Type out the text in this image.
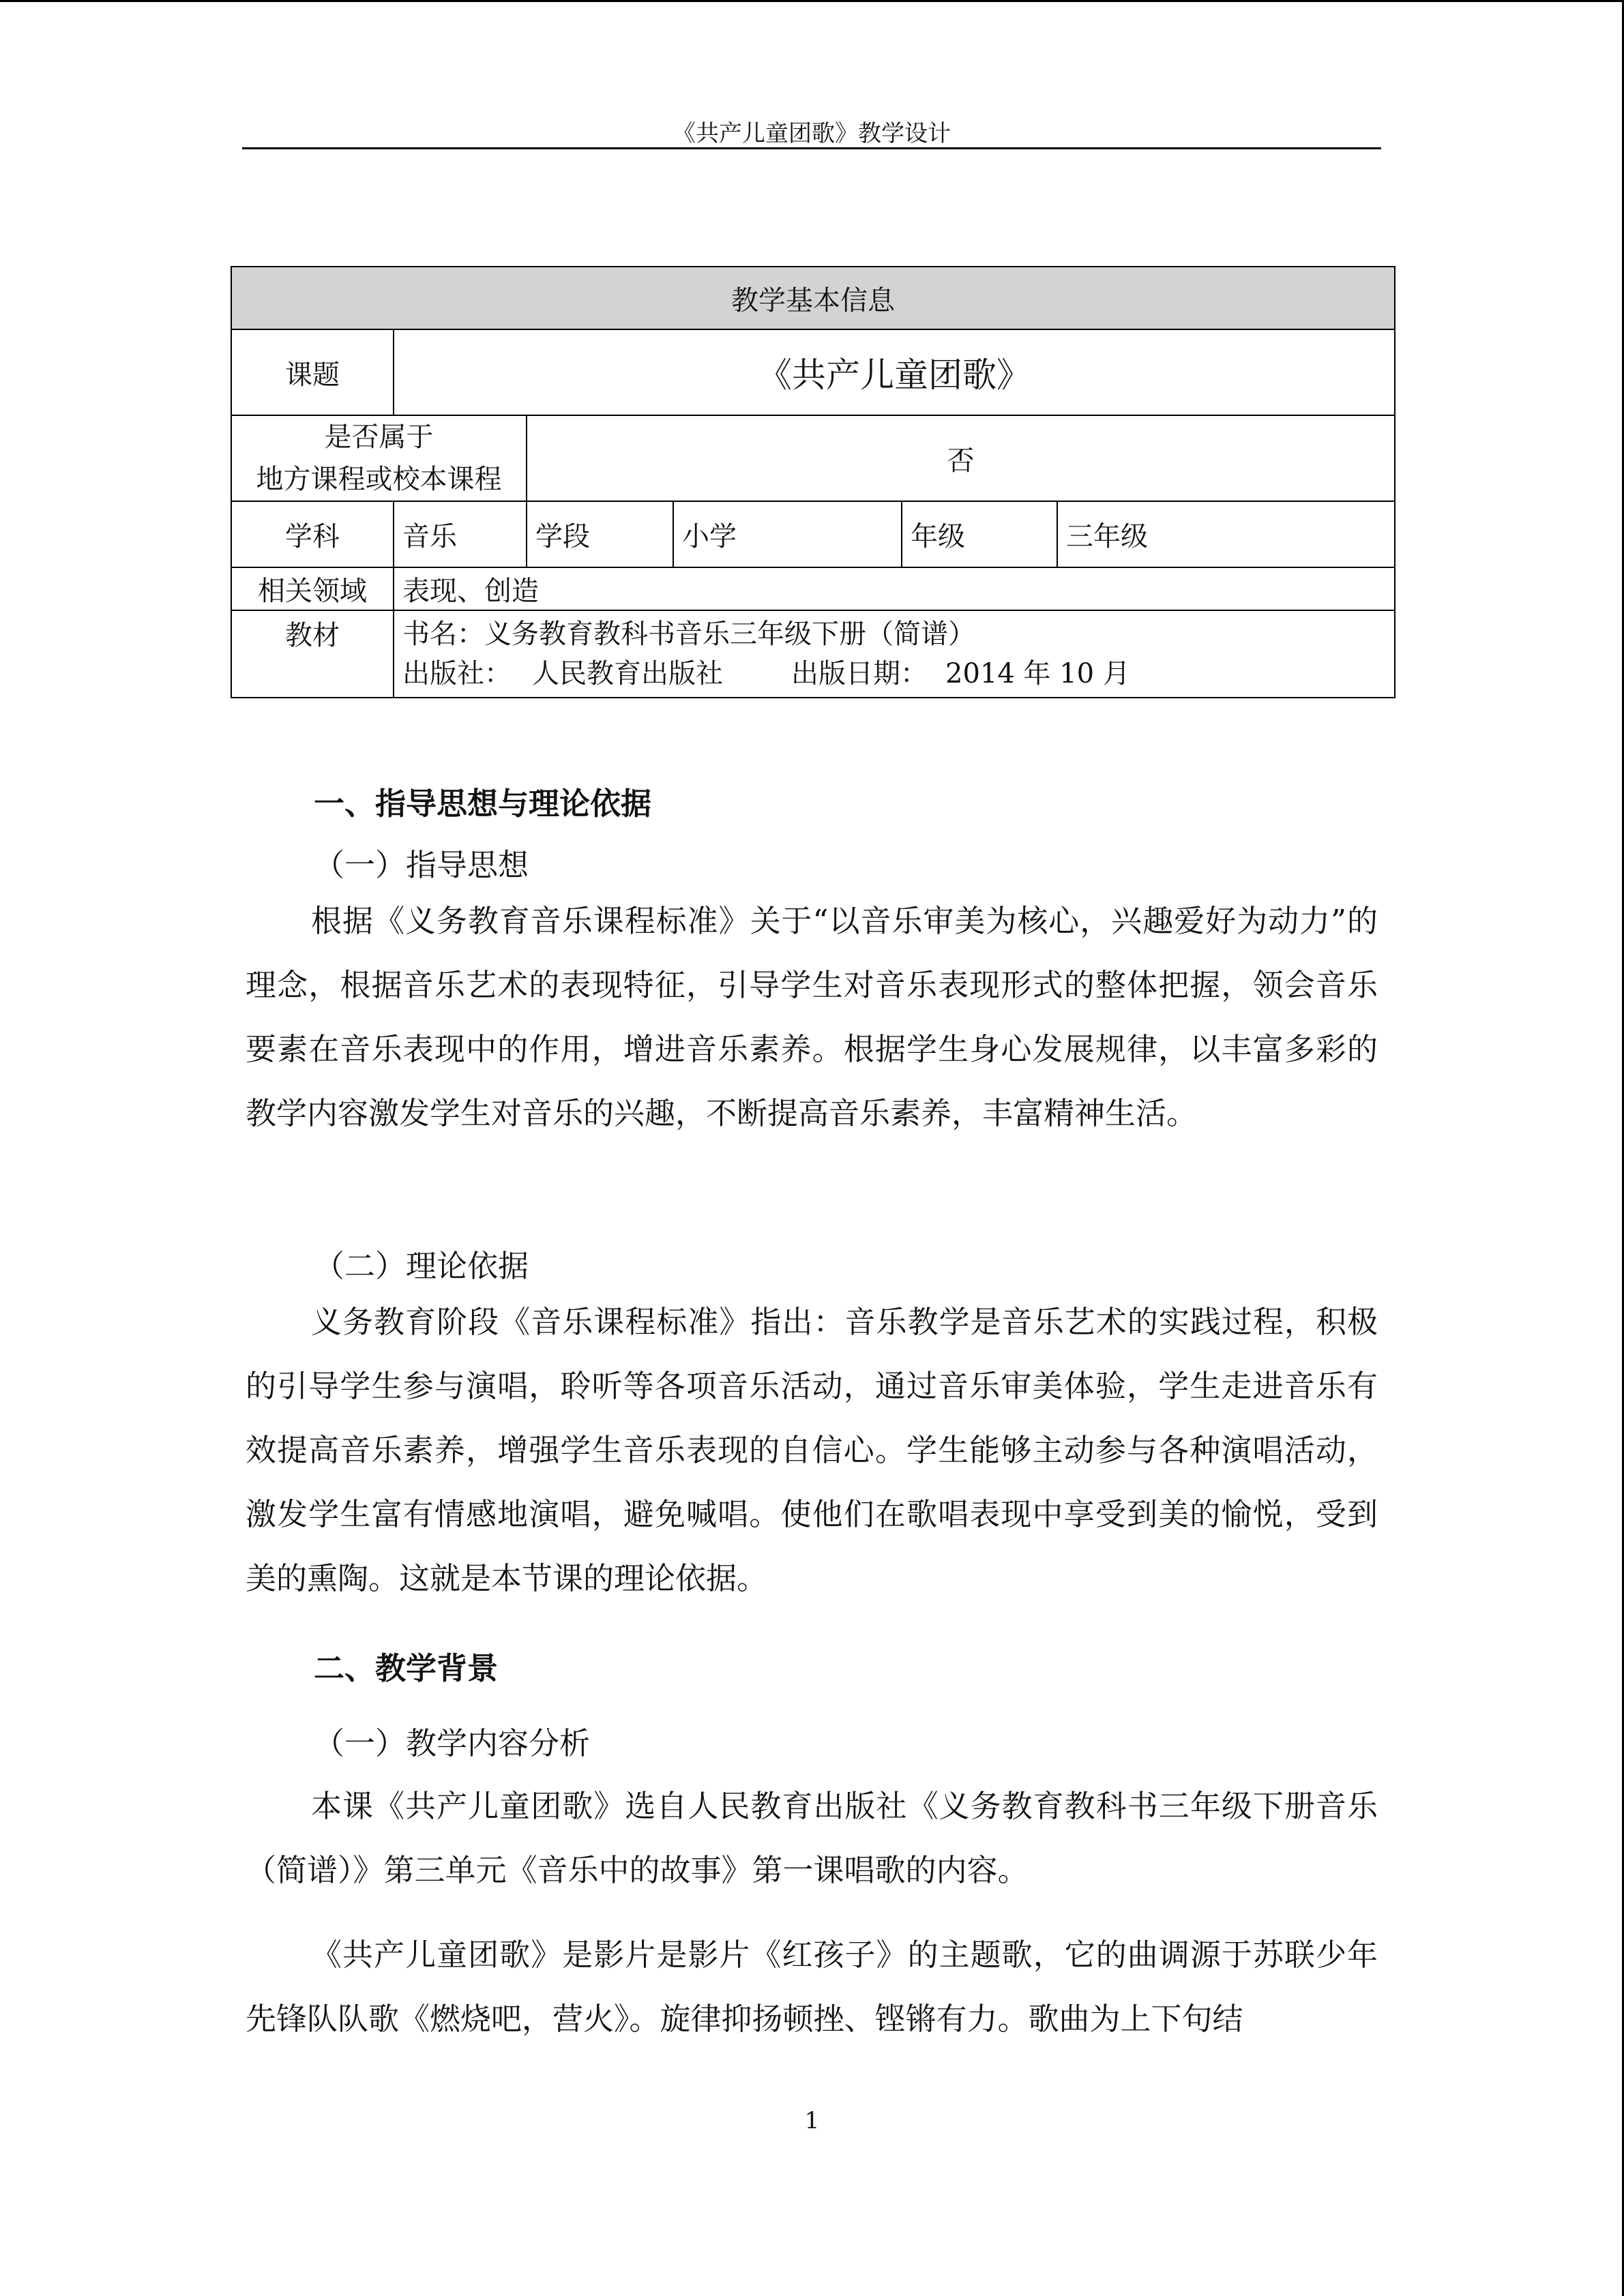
《共产儿童团歌》教学设计
教学基本信息					
课题	《共产儿童团歌》				

是否属于
地方课程或校本课程		否			
学科	音乐	学段	小学	年级	三年级
相关领域	表现、创造				
教材	书名：义务教育教科书音乐三年级下册（简谱）
出版社： 人民教育出版社 出版日期： 2014 年 10 月				
一、指导思想与理论依据
（一）指导思想
根据《义务教育音乐课程标准》关于“以音乐审美为核心，兴趣爱好为动力”的理念，根据音乐艺术的表现特征，引导学生对音乐表现形式的整体把握，领会音乐要素在音乐表现中的作用，增进音乐素养。根据学生身心发展规律，以丰富多彩的教学内容激发学生对音乐的兴趣，不断提高音乐素养，丰富精神生活。
（二）理论依据
义务教育阶段《音乐课程标准》指出：音乐教学是音乐艺术的实践过程，积极的引导学生参与演唱，聆听等各项音乐活动，通过音乐审美体验，学生走进音乐有效提高音乐素养，增强学生音乐表现的自信心。学生能够主动参与各种演唱活动，激发学生富有情感地演唱，避免喊唱。使他们在歌唱表现中享受到美的愉悦，受到美的熏陶。这就是本节课的理论依据。
二、教学背景
（一）教学内容分析
本课《共产儿童团歌》选自人民教育出版社《义务教育教科书三年级下册音乐（简谱）》第三单元《音乐中的故事》第一课唱歌的内容。
《共产儿童团歌》是影片是影片《红孩子》的主题歌，它的曲调源于苏联少年先锋队队歌《燃烧吧，营火》。旋律抑扬顿挫、铿锵有力。歌曲为上下句结
1
